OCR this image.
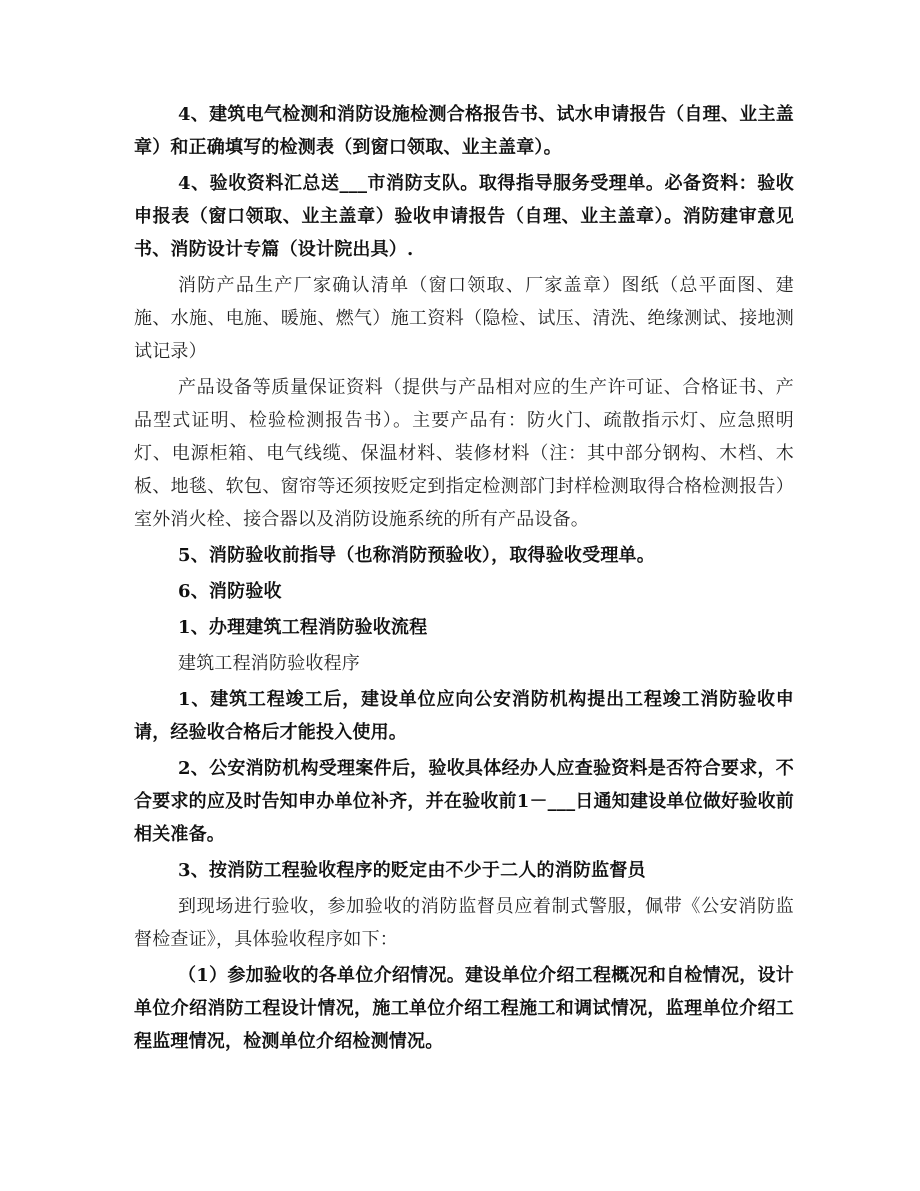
4、建筑电气检测和消防设施检测合格报告书、试水申请报告（自理、业主盖章）和正确填写的检测表（到窗口领取、业主盖章）。

4、验收资料汇总送___市消防支队。取得指导服务受理单。必备资料：验收申报表（窗口领取、业主盖章）验收申请报告（自理、业主盖章）。消防建审意见书、消防设计专篇（设计院出具）.

消防产品生产厂家确认清单（窗口领取、厂家盖章）图纸（总平面图、建施、水施、电施、暖施、燃气）施工资料（隐检、试压、清洗、绝缘测试、接地测试记录）

产品设备等质量保证资料（提供与产品相对应的生产许可证、合格证书、产品型式证明、检验检测报告书）。主要产品有：防火门、疏散指示灯、应急照明灯、电源柜箱、电气线缆、保温材料、装修材料（注：其中部分钢构、木档、木板、地毯、软包、窗帘等还须按贬定到指定检测部门封样检测取得合格检测报告）室外消火栓、接合器以及消防设施系统的所有产品设备。

5、消防验收前指导（也称消防预验收），取得验收受理单。

6、消防验收

1、办理建筑工程消防验收流程

建筑工程消防验收程序

1、建筑工程竣工后，建设单位应向公安消防机构提出工程竣工消防验收申请，经验收合格后才能投入使用。

2、公安消防机构受理案件后，验收具体经办人应查验资料是否符合要求，不合要求的应及时告知申办单位补齐，并在验收前1－___日通知建设单位做好验收前相关准备。

3、按消防工程验收程序的贬定由不少于二人的消防监督员

到现场进行验收，参加验收的消防监督员应着制式警服，佩带《公安消防监督检查证》，具体验收程序如下：

（1）参加验收的各单位介绍情况。建设单位介绍工程概况和自检情况，设计单位介绍消防工程设计情况，施工单位介绍工程施工和调试情况，监理单位介绍工程监理情况，检测单位介绍检测情况。
